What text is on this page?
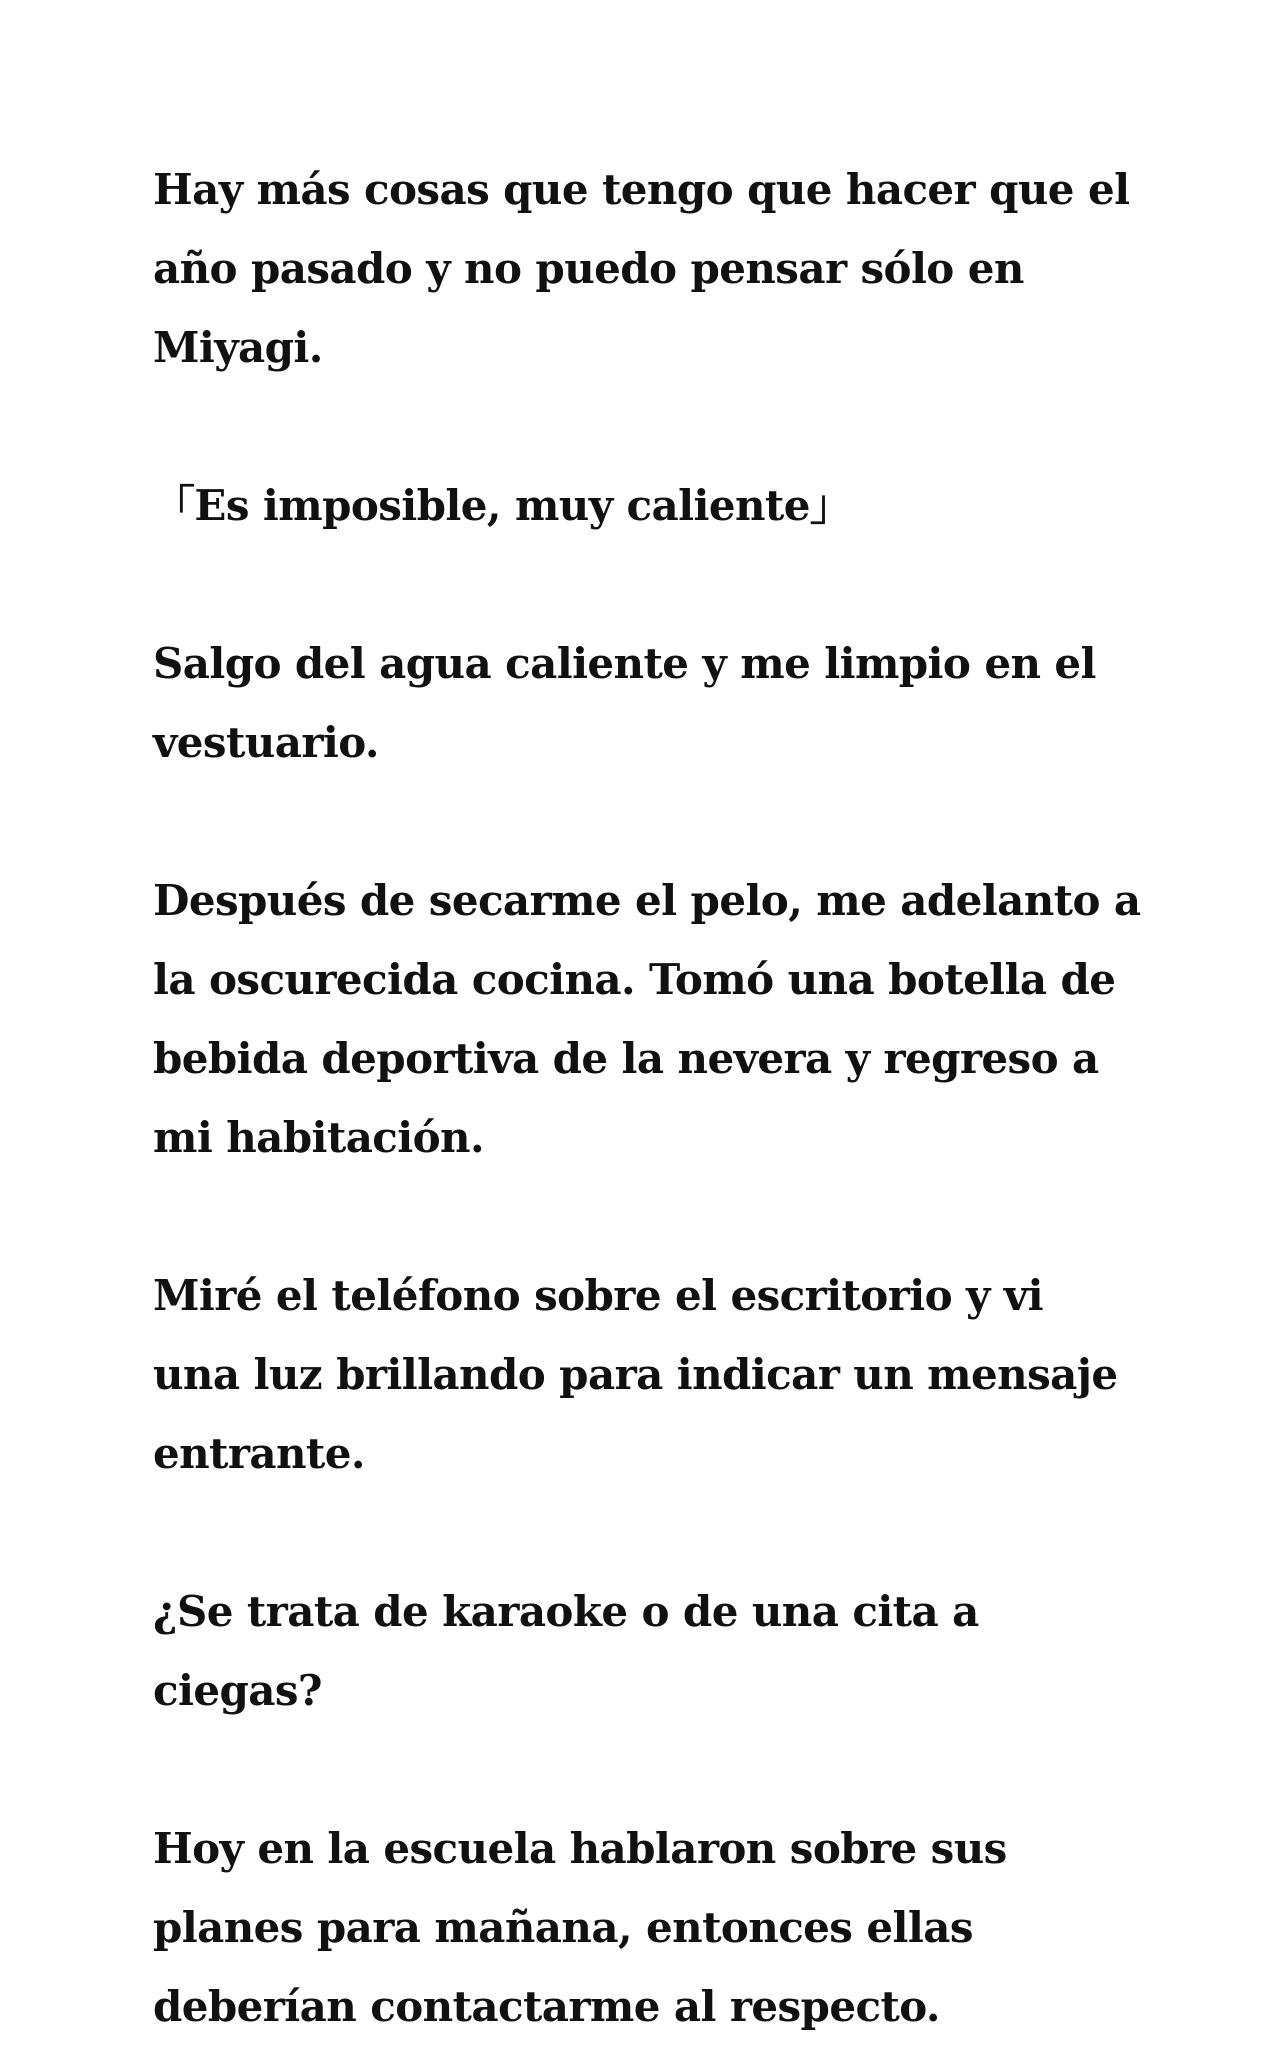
Hay más cosas que tengo que hacer que el año pasado y no puedo pensar sólo en Miyagi.

「Es imposible, muy caliente」

Salgo del agua caliente y me limpio en el vestuario.

Después de secarme el pelo, me adelanto a la oscurecida cocina. Tomó una botella de bebida deportiva de la nevera y regreso a mi habitación.

Miré el teléfono sobre el escritorio y vi una luz brillando para indicar un mensaje entrante.

¿Se trata de karaoke o de una cita a ciegas?

Hoy en la escuela hablaron sobre sus planes para mañana, entonces ellas deberían contactarme al respecto.
